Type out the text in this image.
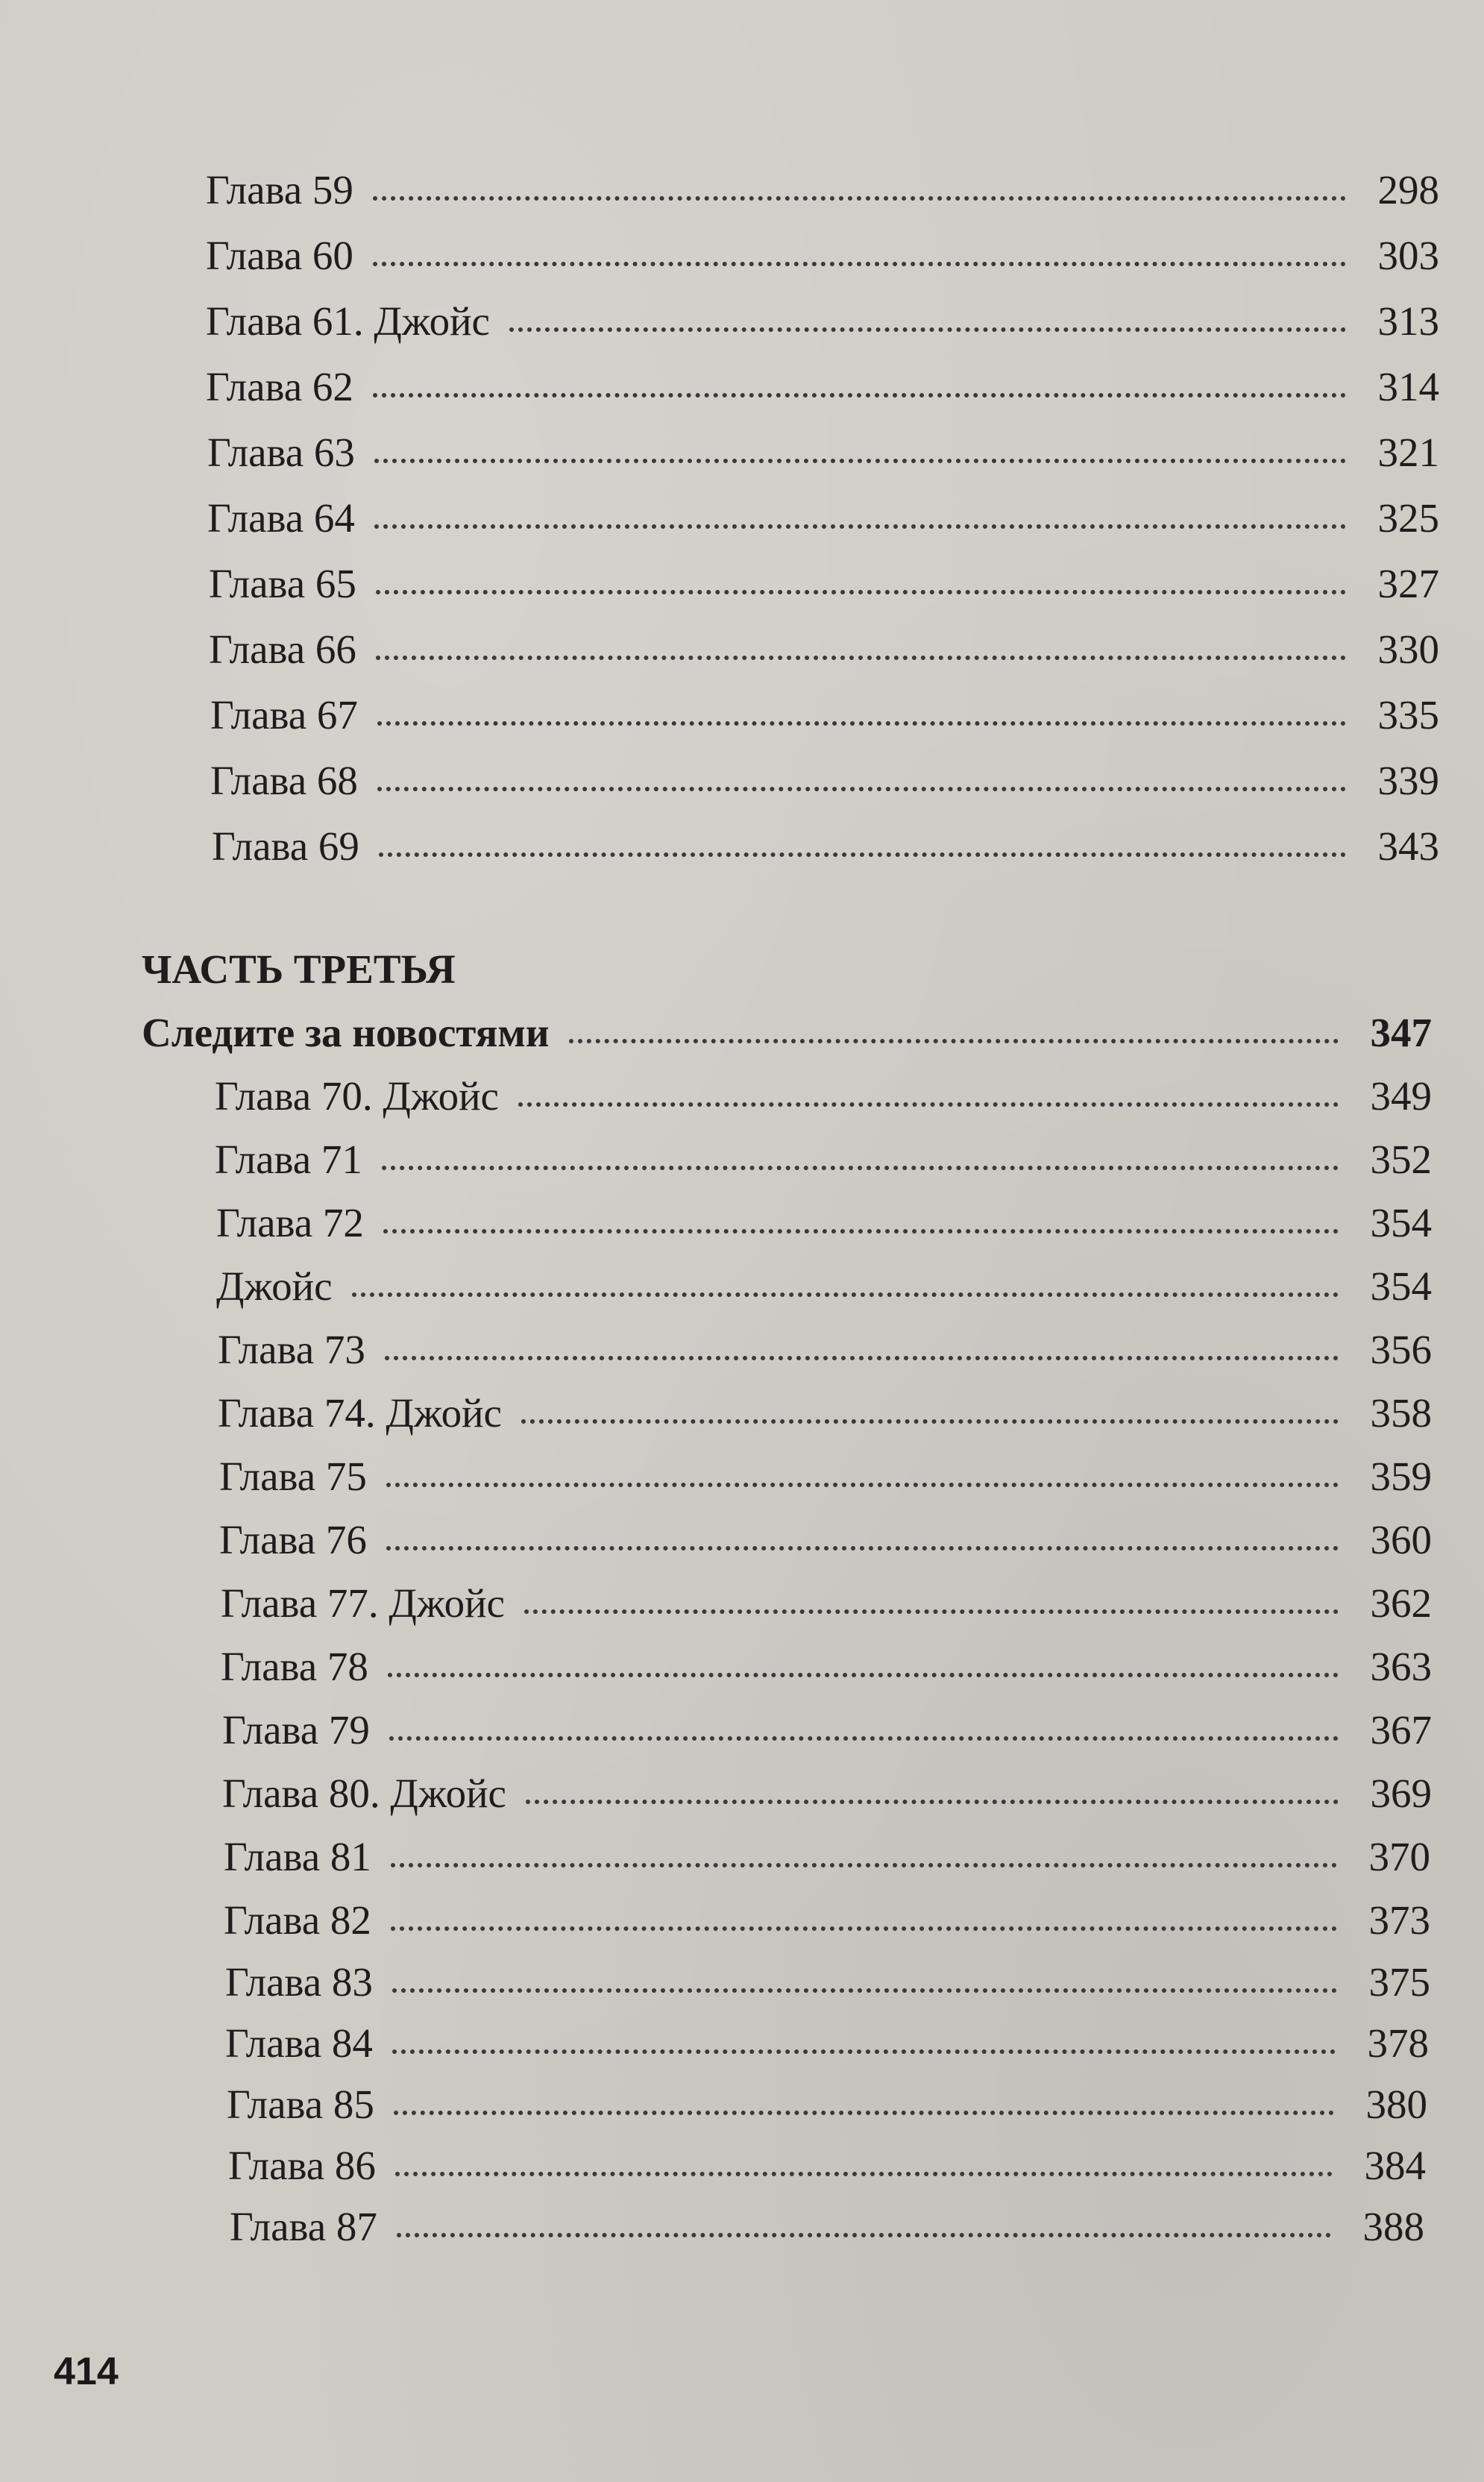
Глава 59	298
Глава 60	303
Глава 61. Джойс	313
Глава 62	314
Глава 63	321
Глава 64	325
Глава 65	327
Глава 66	330
Глава 67	335
Глава 68	339
Глава 69	343
ЧАСТЬ ТРЕТЬЯ
Следите за новостями	347
Глава 70. Джойс	349
Глава 71	352
Глава 72	354
Джойс	354
Глава 73	356
Глава 74. Джойс	358
Глава 75	359
Глава 76	360
Глава 77. Джойс	362
Глава 78	363
Глава 79	367
Глава 80. Джойс	369
Глава 81	370
Глава 82	373
Глава 83	375
Глава 84	378
Глава 85	380
Глава 86	384
Глава 87	388
414
